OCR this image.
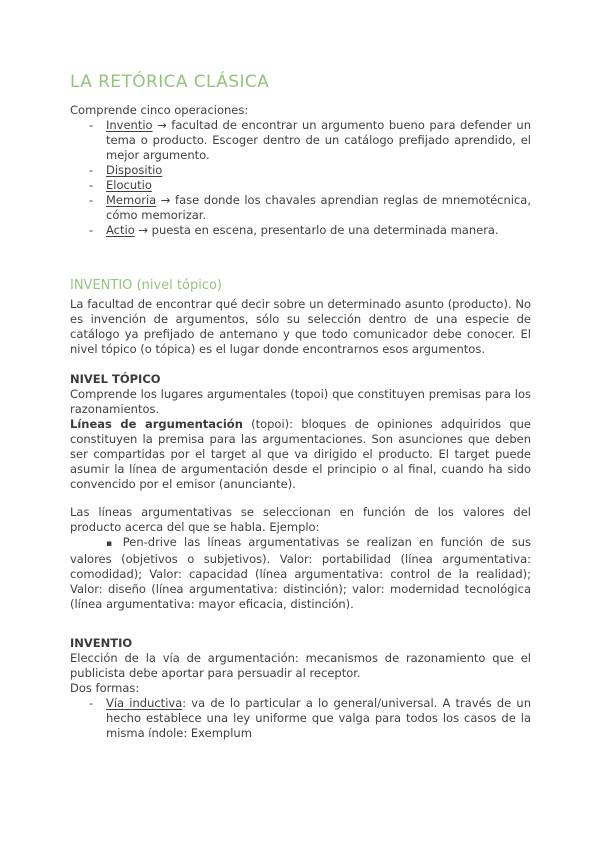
LA RETÓRICA CLÁSICA

Comprende cinco operaciones:

- Inventio → facultad de encontrar un argumento bueno para defender un tema o producto. Escoger dentro de un catálogo prefijado aprendido, el mejor argumento.
- Dispositio
- Elocutio
- Memoria → fase donde los chavales aprendian reglas de mnemotécnica, cómo memorizar.
- Actio → puesta en escena, presentarlo de una determinada manera.
INVENTIO (nivel tópico)

La facultad de encontrar qué decir sobre un determinado asunto (producto). No es invención de argumentos, sólo su selección dentro de una especie de catálogo ya prefijado de antemano y que todo comunicador debe conocer. El nivel tópico (o tópica) es el lugar donde encontrarnos esos argumentos.

NIVEL TÓPICO

Comprende los lugares argumentales (topoi) que constituyen premisas para los razonamientos.

Líneas de argumentación (topoi): bloques de opiniones adquiridos que constituyen la premisa para las argumentaciones. Son asunciones que deben ser compartidas por el target al que va dirigido el producto. El target puede asumir la línea de argumentación desde el principio o al final, cuando ha sido convencido por el emisor (anunciante).

Las líneas argumentativas se seleccionan en función de los valores del producto acerca del que se habla. Ejemplo:

▪ Pen-drive las líneas argumentativas se realizan en función de sus valores (objetivos o subjetivos). Valor: portabilidad (línea argumentativa: comodidad); Valor: capacidad (línea argumentativa: control de la realidad); Valor: diseño (línea argumentativa: distinción); valor: modernidad tecnológica (línea argumentativa: mayor eficacia, distinción).

INVENTIO

Elección de la vía de argumentación: mecanismos de razonamiento que el publicista debe aportar para persuadir al receptor.

Dos formas:

- Vía inductiva: va de lo particular a lo general/universal. A través de un hecho establece una ley uniforme que valga para todos los casos de la misma índole: Exemplum
